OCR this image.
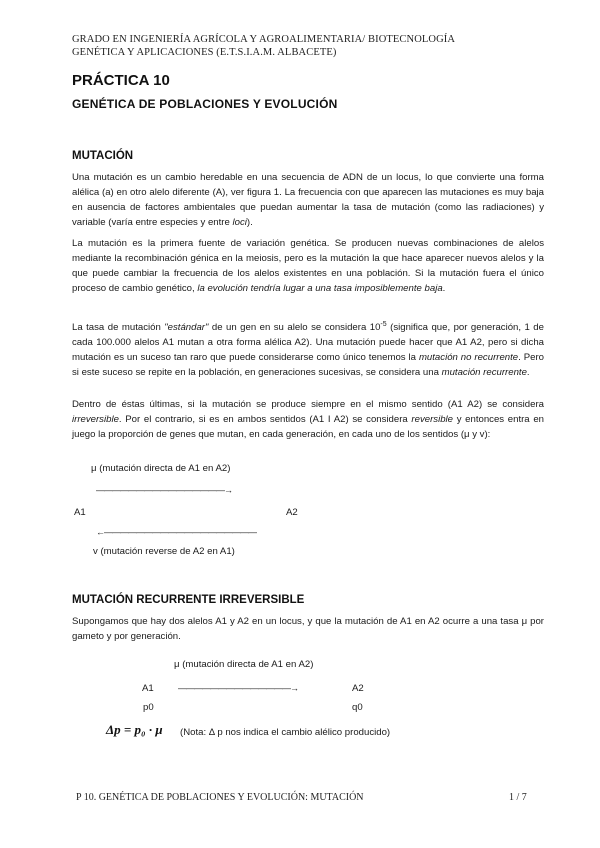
GRADO EN INGENIERÍA AGRÍCOLA Y AGROALIMENTARIA/ BIOTECNOLOGÍA
GENÉTICA Y APLICACIONES (E.T.S.I.A.M. ALBACETE)
PRÁCTICA 10
GENÉTICA DE POBLACIONES Y EVOLUCIÓN
MUTACIÓN
Una mutación es un cambio heredable en una secuencia de ADN de un locus, lo que convierte una forma alélica (a) en otro alelo diferente (A), ver figura 1. La frecuencia con que aparecen las mutaciones es muy baja en ausencia de factores ambientales que puedan aumentar la tasa de mutación (como las radiaciones) y variable (varía entre especies y entre loci).
La mutación es la primera fuente de variación genética. Se producen nuevas combinaciones de alelos mediante la recombinación génica en la meiosis, pero es la mutación la que hace aparecer nuevos alelos y la que puede cambiar la frecuencia de los alelos existentes en una población. Si la mutación fuera el único proceso de cambio genético, la evolución tendría lugar a una tasa imposiblemente baja.
La tasa de mutación "estándar" de un gen en su alelo se considera $10^{-5}$ (significa que, por generación, 1 de cada 100.000 alelos A1 mutan a otra forma alélica A2). Una mutación puede hacer que A1 A2, pero si dicha mutación es un suceso tan raro que puede considerarse como único tenemos la mutación no recurrente. Pero si este suceso se repite en la población, en generaciones sucesivas, se considera una mutación recurrente.
Dentro de éstas últimas, si la mutación se produce siempre en el mismo sentido (A1 A2) se considera irreversible. Por el contrario, si es en ambos sentidos (A1 I A2) se considera reversible y entonces entra en juego la proporción de genes que mutan, en cada generación, en cada uno de los sentidos (μ y v):
μ (mutación directa de A1 en A2)
————————————————→
A1	A2
←———————————————————
v (mutación reverse de A2 en A1)
MUTACIÓN RECURRENTE IRREVERSIBLE
Supongamos que hay dos alelos A1 y A2 en un locus, y que la mutación de A1 en A2 ocurre a una tasa μ por gameto y por generación.
μ (mutación directa de A1 en A2)
A1	——————————————→	A2
p0	q0
Δp = p₀ · μ (Nota: Δ p nos indica el cambio alélico producido)
P 10. GENÉTICA DE POBLACIONES Y EVOLUCIÓN: MUTACIÓN	1 / 7
